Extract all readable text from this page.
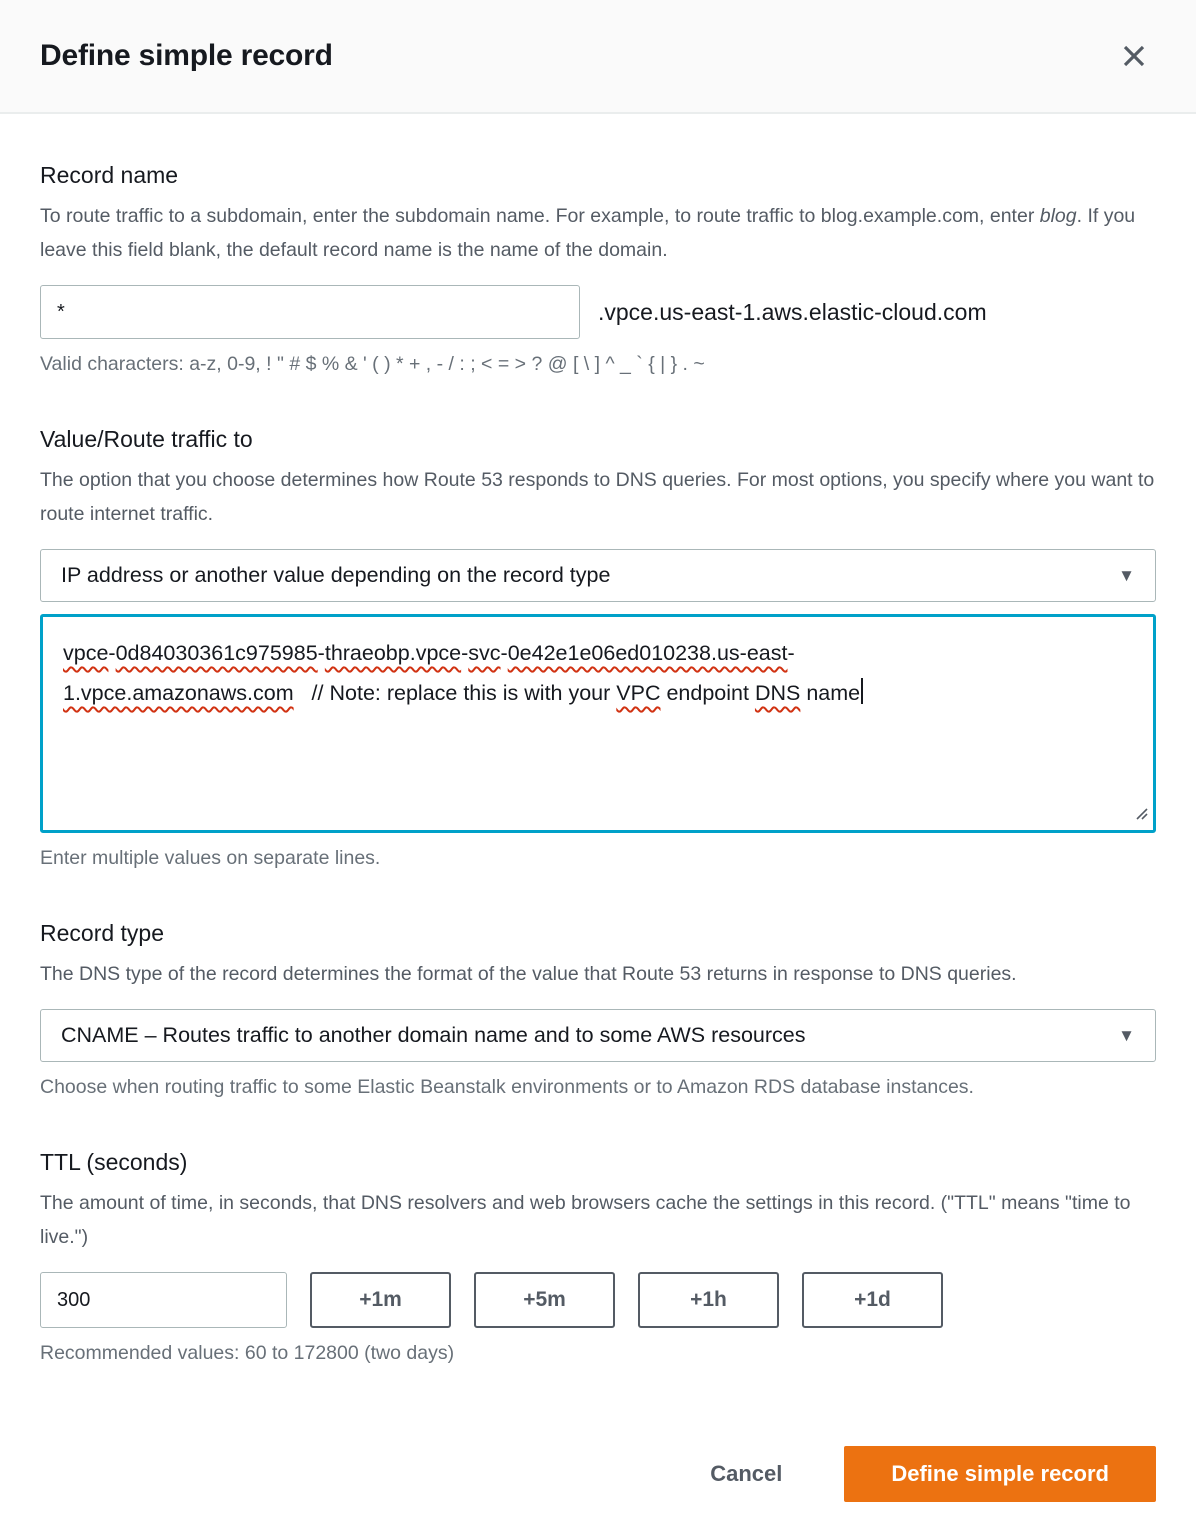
Define simple record
Record name
To route traffic to a subdomain, enter the subdomain name. For example, to route traffic to blog.example.com, enter blog. If you leave this field blank, the default record name is the name of the domain.
*
.vpce.us-east-1.aws.elastic-cloud.com
Valid characters: a-z, 0-9, ! " # $ % & ' ( ) * + , - / : ; < = > ? @ [ \ ] ^ _ ` { | } . ~
Value/Route traffic to
The option that you choose determines how Route 53 responds to DNS queries. For most options, you specify where you want to route internet traffic.
IP address or another value depending on the record type	▼
vpce-0d84030361c975985-thraeobp.vpce-svc-0e42e1e06ed010238.us-east-
1.vpce.amazonaws.com   // Note: replace this is with your VPC endpoint DNS name
Enter multiple values on separate lines.
Record type
The DNS type of the record determines the format of the value that Route 53 returns in response to DNS queries.
CNAME – Routes traffic to another domain name and to some AWS resources	▼
Choose when routing traffic to some Elastic Beanstalk environments or to Amazon RDS database instances.
TTL (seconds)
The amount of time, in seconds, that DNS resolvers and web browsers cache the settings in this record. ("TTL" means "time to live.")
300
+1m	+5m	+1h	+1d
Recommended values: 60 to 172800 (two days)
Cancel	Define simple record
